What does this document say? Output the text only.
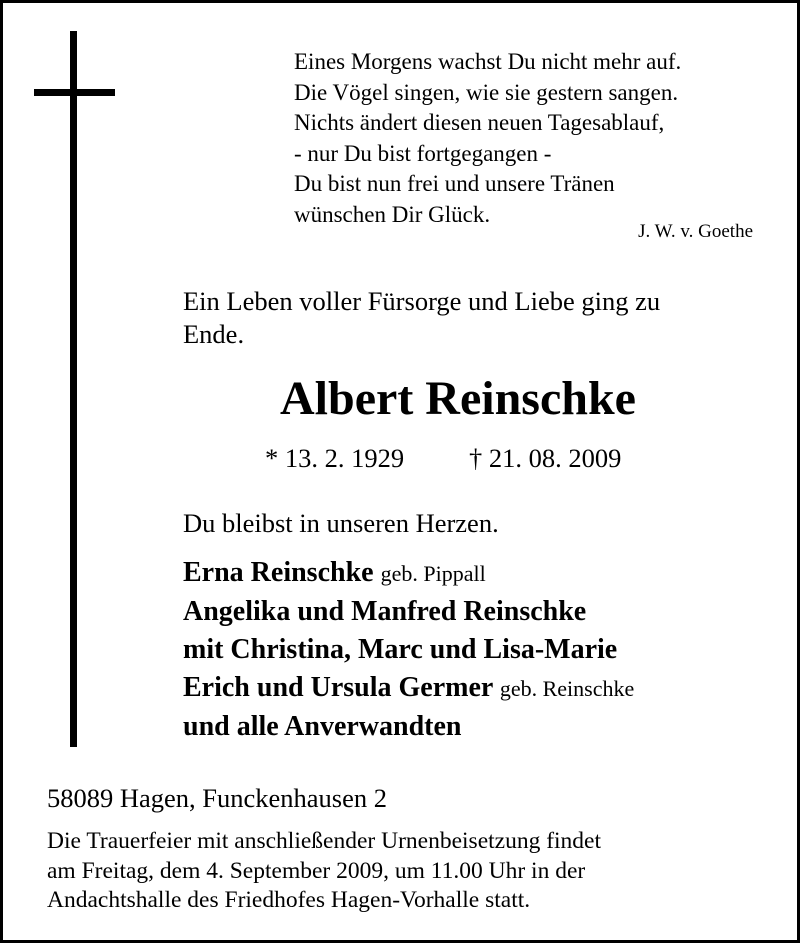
Eines Morgens wachst Du nicht mehr auf.
Die Vögel singen, wie sie gestern sangen.
Nichts ändert diesen neuen Tagesablauf,
- nur Du bist fortgegangen -
Du bist nun frei und unsere Tränen
wünschen Dir Glück.
J. W. v. Goethe
Ein Leben voller Fürsorge und Liebe ging zu
Ende.
Albert Reinschke
* 13. 2. 1929 † 21. 08. 2009
Du bleibst in unseren Herzen.
Erna Reinschke geb. Pippall
Angelika und Manfred Reinschke
mit Christina, Marc und Lisa-Marie
Erich und Ursula Germer geb. Reinschke
und alle Anverwandten
58089 Hagen, Funckenhausen 2
Die Trauerfeier mit anschließender Urnenbeisetzung findet
am Freitag, dem 4. September 2009, um 11.00 Uhr in der
Andachtshalle des Friedhofes Hagen-Vorhalle statt.
